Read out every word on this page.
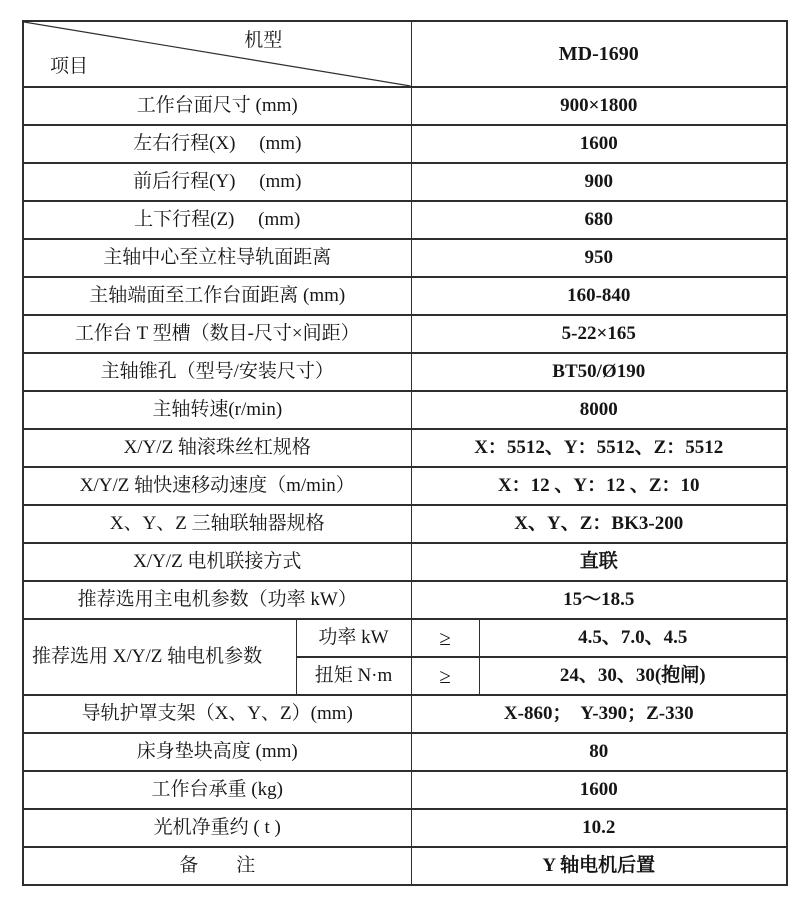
机型
项目		MD-1690	
工作台面尺寸 (mm)		900×1800	
左右行程(X)　 (mm)		1600	
前后行程(Y)　 (mm)		900	
上下行程(Z)　 (mm)		680	
主轴中心至立柱导轨面距离		950	
主轴端面至工作台面距离 (mm)		160-840	
工作台 T 型槽（数目-尺寸×间距）		5-22×165	
主轴锥孔（型号/安装尺寸）		BT50/Ø190	
主轴转速(r/min)		8000	
X/Y/Z 轴滚珠丝杠规格		X：5512、Y：5512、Z：5512	
X/Y/Z 轴快速移动速度（m/min）		X：12 、Y：12 、Z：10	
X、Y、Z 三轴联轴器规格		X、Y、Z：BK3-200	
X/Y/Z 电机联接方式		直联	
推荐选用主电机参数（功率 kW）		15～18.5	
推荐选用 X/Y/Z 轴电机参数	功率 kW	≥	4.5、7.0、4.5
	扭矩 N·m	≥	24、30、30(抱闸)
导轨护罩支架（X、Y、Z）(mm)		X-860；  Y-390；Z-330	
床身垫块高度 (mm)		80	
工作台承重 (kg)		1600	
光机净重约 ( t )		10.2	
备　　注		Y 轴电机后置	
